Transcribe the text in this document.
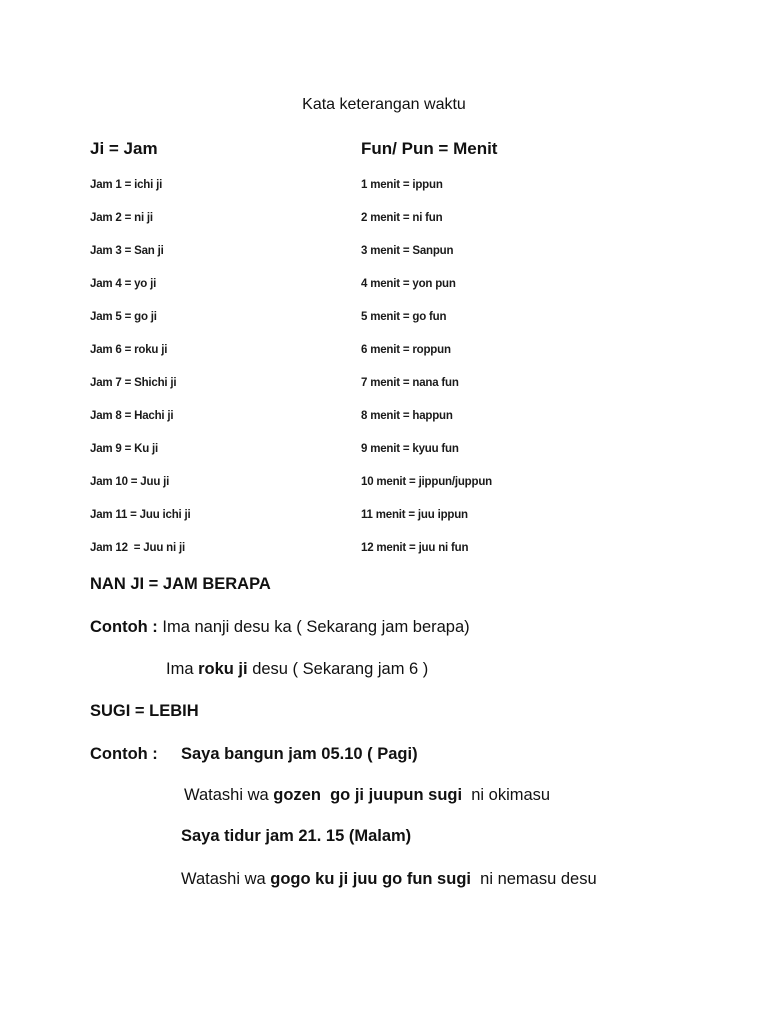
Kata keterangan waktu
Ji = Jam	Fun/ Pun = Menit
Jam 1 = ichi ji	1 menit = ippun
Jam 2 = ni ji	2 menit = ni fun
Jam 3 = San ji	3 menit = Sanpun
Jam 4 = yo ji	4 menit = yon pun
Jam 5 = go ji	5 menit = go fun
Jam 6 = roku ji	6 menit = roppun
Jam 7 = Shichi ji	7 menit = nana fun
Jam 8 = Hachi ji	8 menit = happun
Jam 9 = Ku ji	9 menit = kyuu fun
Jam 10 = Juu ji	10 menit = jippun/juppun
Jam 11 = Juu ichi ji	11 menit = juu ippun
Jam 12  = Juu ni ji	12 menit = juu ni fun
NAN JI = JAM BERAPA
Contoh : Ima nanji desu ka ( Sekarang jam berapa)
Ima roku ji desu ( Sekarang jam 6 )
SUGI = LEBIH
Contoh : Saya bangun jam 05.10 ( Pagi)
Watashi wa gozen  go ji juupun sugi  ni okimasu
Saya tidur jam 21. 15 (Malam)
Watashi wa gogo ku ji juu go fun sugi  ni nemasu desu
